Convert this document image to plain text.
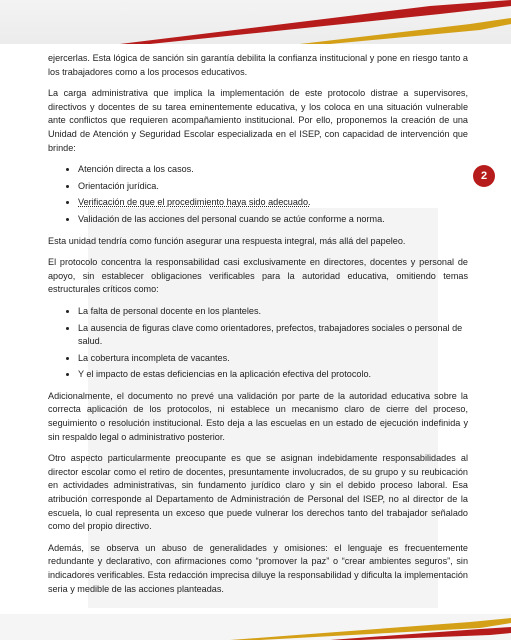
2

ejercerlas. Esta lógica de sanción sin garantía debilita la confianza institucional y pone en riesgo tanto a los trabajadores como a los procesos educativos.

La carga administrativa que implica la implementación de este protocolo distrae a supervisores, directivos y docentes de su tarea eminentemente educativa, y los coloca en una situación vulnerable ante conflictos que requieren acompañamiento institucional. Por ello, proponemos la creación de una Unidad de Atención y Seguridad Escolar especializada en el ISEP, con capacidad de intervención que brinde:

• Atención directa a los casos.
• Orientación jurídica.
• Verificación de que el procedimiento haya sido adecuado.
• Validación de las acciones del personal cuando se actúe conforme a norma.

Esta unidad tendría como función asegurar una respuesta integral, más allá del papeleo.

El protocolo concentra la responsabilidad casi exclusivamente en directores, docentes y personal de apoyo, sin establecer obligaciones verificables para la autoridad educativa, omitiendo temas estructurales críticos como:

• La falta de personal docente en los planteles.
• La ausencia de figuras clave como orientadores, prefectos, trabajadores sociales o personal de salud.
• La cobertura incompleta de vacantes.
• Y el impacto de estas deficiencias en la aplicación efectiva del protocolo.

Adicionalmente, el documento no prevé una validación por parte de la autoridad educativa sobre la correcta aplicación de los protocolos, ni establece un mecanismo claro de cierre del proceso, seguimiento o resolución institucional. Esto deja a las escuelas en un estado de ejecución indefinida y sin respaldo legal o administrativo posterior.

Otro aspecto particularmente preocupante es que se asignan indebidamente responsabilidades al director escolar como el retiro de docentes, presuntamente involucrados, de su grupo y su reubicación en actividades administrativas, sin fundamento jurídico claro y sin el debido proceso laboral. Esa atribución corresponde al Departamento de Administración de Personal del ISEP, no al director de la escuela, lo cual representa un exceso que puede vulnerar los derechos tanto del trabajador señalado como del propio directivo.

Además, se observa un abuso de generalidades y omisiones: el lenguaje es frecuentemente redundante y declarativo, con afirmaciones como “promover la paz” o “crear ambientes seguros”, sin indicadores verificables. Esta redacción imprecisa diluye la responsabilidad y dificulta la implementación seria y medible de las acciones planteadas.
